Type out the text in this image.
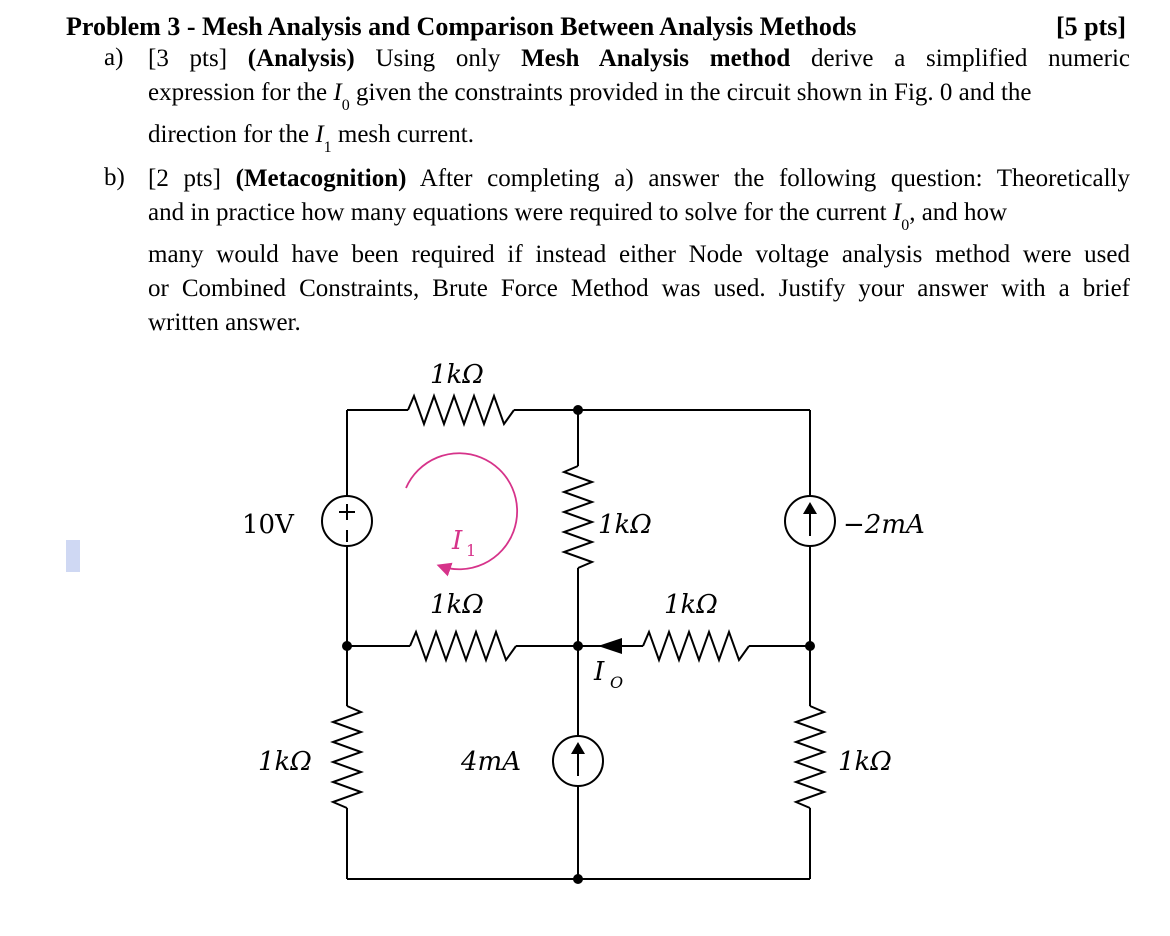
Problem 3 - Mesh Analysis and Comparison Between Analysis Methods	[5 pts]
a) [3 pts] (Analysis) Using only Mesh Analysis method derive a simplified numeric
expression for the $I_0$ given the constraints provided in the circuit shown in Fig. 0 and the
direction for the $I_1$ mesh current.
b) [2 pts] (Metacognition) After completing a) answer the following question: Theoretically
and in practice how many equations were required to solve for the current $I_0$, and how
many would have been required if instead either Node voltage analysis method were used
or Combined Constraints, Brute Force Method was used. Justify your answer with a brief
written answer.
1kΩ
1kΩ
1kΩ	1kΩ
1kΩ	1kΩ
10V	−2mA
4mA
I 1
I O
